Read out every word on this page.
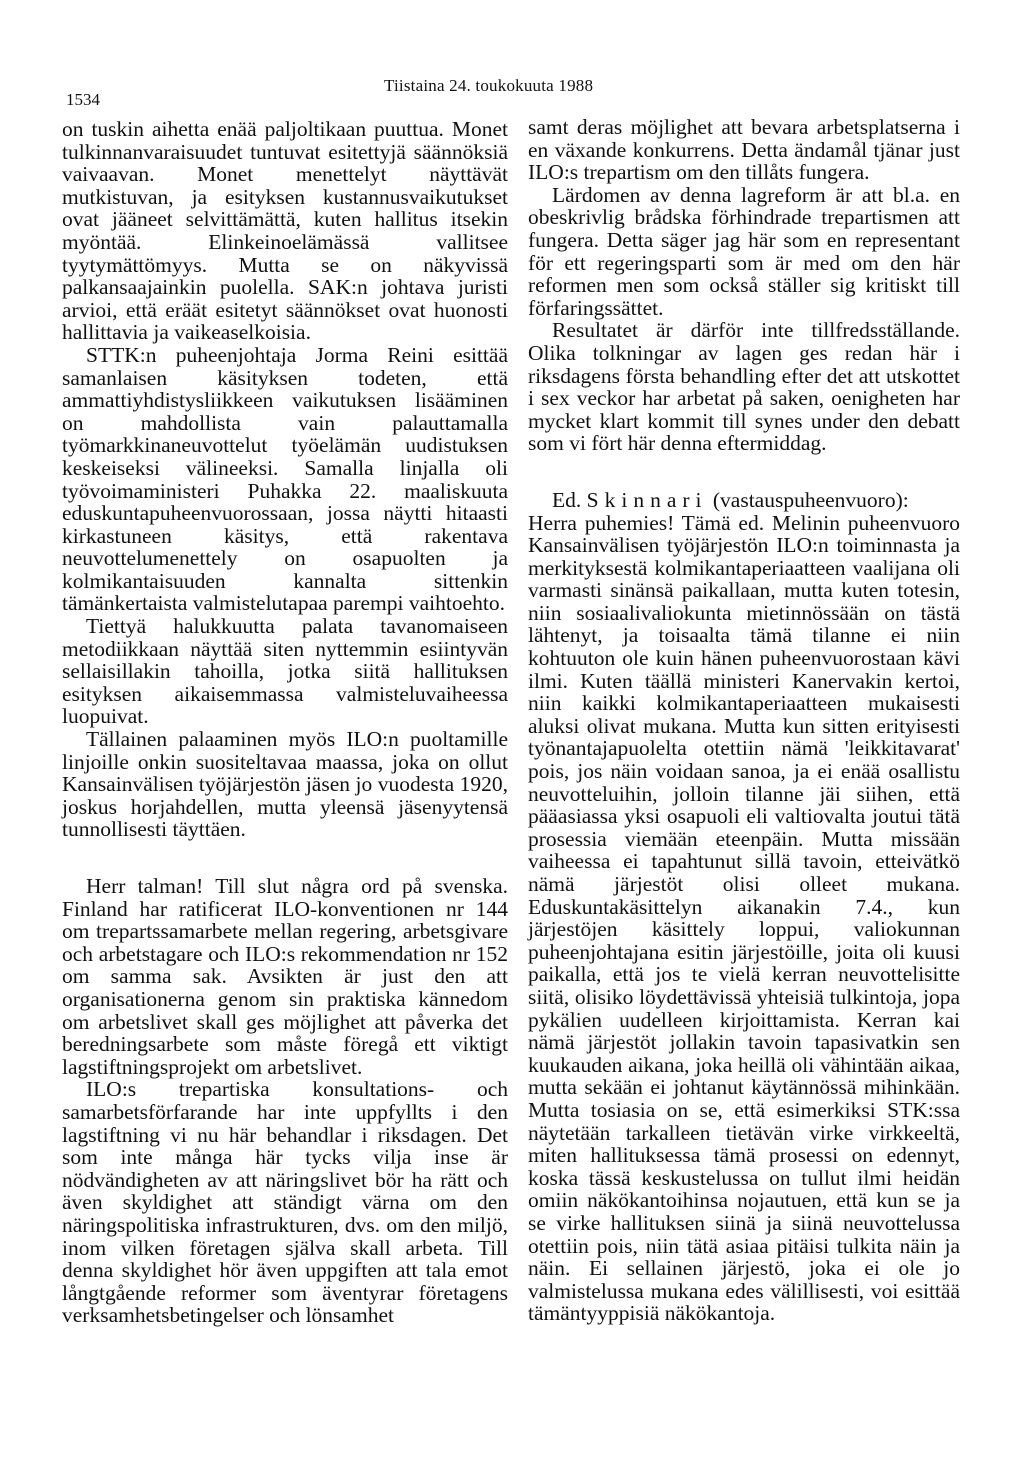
1534
Tiistaina 24. toukokuuta 1988

on tuskin aihetta enää paljoltikaan puuttua. Monet tulkinnanvaraisuudet tuntuvat esitettyjä säännöksiä vaivaavan. Monet menettelyt näyttävät mutkistuvan, ja esityksen kustannusvaikutukset ovat jääneet selvittämättä, kuten hallitus itsekin myöntää. Elinkeinoelämässä vallitsee tyytymättömyys. Mutta se on näkyvissä palkansaajainkin puolella. SAK:n johtava juristi arvioi, että eräät esitetyt säännökset ovat huonosti hallittavia ja vaikeaselkoisia.

STTK:n puheenjohtaja Jorma Reini esittää samanlaisen käsityksen todeten, että ammattiyhdistysliikkeen vaikutuksen lisääminen on mahdollista vain palauttamalla työmarkkinaneuvottelut työelämän uudistuksen keskeiseksi välineeksi. Samalla linjalla oli työvoimaministeri Puhakka 22. maaliskuuta eduskuntapuheenvuorossaan, jossa näytti hitaasti kirkastuneen käsitys, että rakentava neuvottelumenettely on osapuolten ja kolmikantaisuuden kannalta sittenkin tämänkertaista valmistelutapaa parempi vaihtoehto.

Tiettyä halukkuutta palata tavanomaiseen metodiikkaan näyttää siten nyttemmin esiintyvän sellaisillakin tahoilla, jotka siitä hallituksen esityksen aikaisemmassa valmisteluvaiheessa luopuivat.

Tällainen palaaminen myös ILO:n puoltamille linjoille onkin suositeltavaa maassa, joka on ollut Kansainvälisen työjärjestön jäsen jo vuodesta 1920, joskus horjahdellen, mutta yleensä jäsenyytensä tunnollisesti täyttäen.

Herr talman! Till slut några ord på svenska. Finland har ratificerat ILO-konventionen nr 144 om trepartssamarbete mellan regering, arbetsgivare och arbetstagare och ILO:s rekommendation nr 152 om samma sak. Avsikten är just den att organisationerna genom sin praktiska kännedom om arbetslivet skall ges möjlighet att påverka det beredningsarbete som måste föregå ett viktigt lagstiftningsprojekt om arbetslivet.

ILO:s trepartiska konsultations- och samarbetsförfarande har inte uppfyllts i den lagstiftning vi nu här behandlar i riksdagen. Det som inte många här tycks vilja inse är nödvändigheten av att näringslivet bör ha rätt och även skyldighet att ständigt värna om den näringspolitiska infrastrukturen, dvs. om den miljö, inom vilken företagen själva skall arbeta. Till denna skyldighet hör även uppgiften att tala emot långtgående reformer som äventyrar företagens verksamhetsbetingelser och lönsamhet

samt deras möjlighet att bevara arbetsplatserna i en växande konkurrens. Detta ändamål tjänar just ILO:s trepartism om den tillåts fungera.

Lärdomen av denna lagreform är att bl.a. en obeskrivlig brådska förhindrade trepartismen att fungera. Detta säger jag här som en representant för ett regeringsparti som är med om den här reformen men som också ställer sig kritiskt till förfaringssättet.

Resultatet är därför inte tillfredsställande. Olika tolkningar av lagen ges redan här i riksdagens första behandling efter det att utskottet i sex veckor har arbetat på saken, oenigheten har mycket klart kommit till synes under den debatt som vi fört här denna eftermiddag.

Ed. Skinnari (vastauspuheenvuoro):

Herra puhemies! Tämä ed. Melinin puheenvuoro Kansainvälisen työjärjestön ILO:n toiminnasta ja merkityksestä kolmikantaperiaatteen vaalijana oli varmasti sinänsä paikallaan, mutta kuten totesin, niin sosiaalivaliokunta mietinnössään on tästä lähtenyt, ja toisaalta tämä tilanne ei niin kohtuuton ole kuin hänen puheenvuorostaan kävi ilmi. Kuten täällä ministeri Kanervakin kertoi, niin kaikki kolmikantaperiaatteen mukaisesti aluksi olivat mukana. Mutta kun sitten erityisesti työnantajapuolelta otettiin nämä 'leikkitavarat' pois, jos näin voidaan sanoa, ja ei enää osallistu neuvotteluihin, jolloin tilanne jäi siihen, että pääasiassa yksi osapuoli eli valtiovalta joutui tätä prosessia viemään eteenpäin. Mutta missään vaiheessa ei tapahtunut sillä tavoin, etteivätkö nämä järjestöt olisi olleet mukana. Eduskuntakäsittelyn aikanakin 7.4., kun järjestöjen käsittely loppui, valiokunnan puheenjohtajana esitin järjestöille, joita oli kuusi paikalla, että jos te vielä kerran neuvottelisitte siitä, olisiko löydettävissä yhteisiä tulkintoja, jopa pykälien uudelleen kirjoittamista. Kerran kai nämä järjestöt jollakin tavoin tapasivatkin sen kuukauden aikana, joka heillä oli vähintään aikaa, mutta sekään ei johtanut käytännössä mihinkään. Mutta tosiasia on se, että esimerkiksi STK:ssa näytetään tarkalleen tietävän virke virkkeeltä, miten hallituksessa tämä prosessi on edennyt, koska tässä keskustelussa on tullut ilmi heidän omiin näkökantoihinsa nojautuen, että kun se ja se virke hallituksen siinä ja siinä neuvottelussa otettiin pois, niin tätä asiaa pitäisi tulkita näin ja näin. Ei sellainen järjestö, joka ei ole jo valmistelussa mukana edes välillisesti, voi esittää tämäntyyppisiä näkökantoja.
